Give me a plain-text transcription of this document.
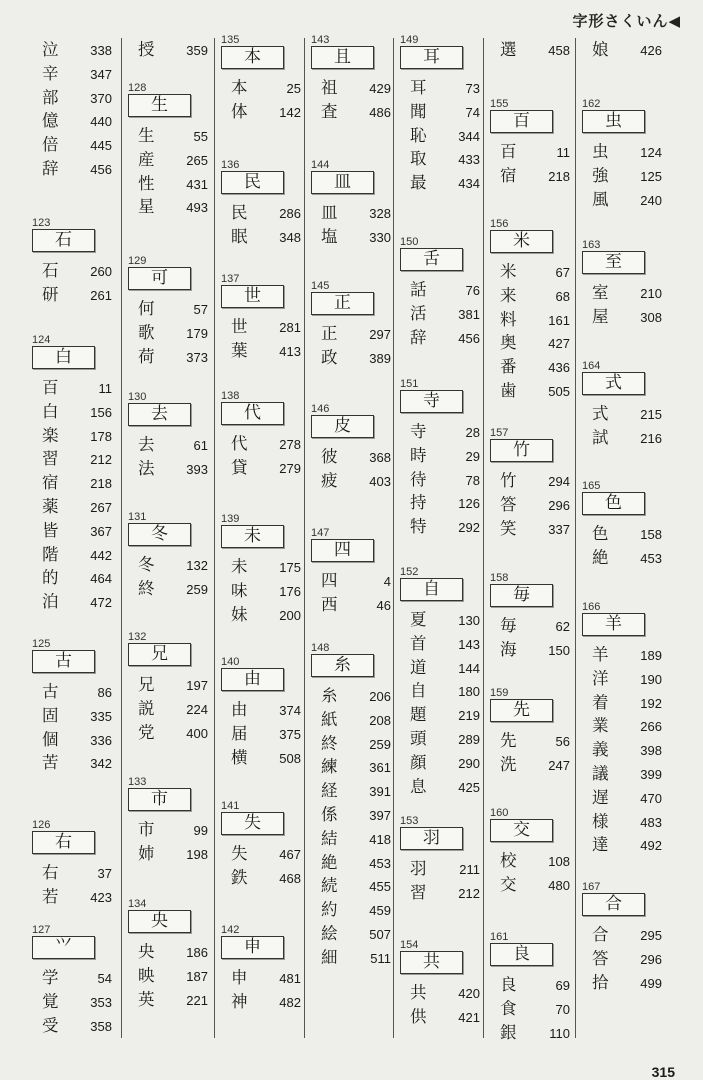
字形さくいん◀
泣	338
辛	347
部	370
億	440
倍	445
辞	456
123
石
石	260
研	261
124
白
百	11
白	156
楽	178
習	212
宿	218
薬	267
皆	367
階	442
的	464
泊	472
125
古
古	86
固	335
個	336
苦	342
126
右
右	37
若	423
127
⺍
学	54
覚	353
受	358
授	359
128
生
生	55
産	265
性	431
星	493
129
可
何	57
歌	179
荷	373
130
去
去	61
法	393
131
冬
冬	132
終	259
132
兄
兄	197
説	224
党	400
133
市
市	99
姉	198
134
央
央	186
映	187
英	221
135
本
本	25
体	142
136
民
民	286
眠	348
137
世
世	281
葉	413
138
代
代	278
貸	279
139
未
未	175
味	176
妹	200
140
由
由	374
届	375
横	508
141
失
失	467
鉄	468
142
申
申	481
神	482
143
且
祖	429
査	486
144
皿
皿	328
塩	330
145
正
正	297
政	389
146
皮
彼	368
疲	403
147
四
四	4
西	46
148
糸
糸	206
紙	208
終	259
練	361
経	391
係	397
結	418
絶	453
続	455
約	459
絵	507
細	511
149
耳
耳	73
聞	74
恥	344
取	433
最	434
150
舌
話	76
活	381
辞	456
151
寺
寺	28
時	29
待	78
持	126
特	292
152
自
夏	130
首	143
道	144
自	180
題	219
頭	289
顔	290
息	425
153
羽
羽	211
習	212
154
共
共	420
供	421
選	458
155
百
百	11
宿	218
156
米
米	67
来	68
料	161
奥	427
番	436
歯	505
157
竹
竹	294
答	296
笑	337
158
毎
毎	62
海	150
159
先
先	56
洗	247
160
交
校	108
交	480
161
良
良	69
食	70
銀	110
娘	426
162
虫
虫	124
強	125
風	240
163
至
室	210
屋	308
164
式
式	215
試	216
165
色
色	158
絶	453
166
羊
羊	189
洋	190
着	192
業	266
義	398
議	399
遅	470
様	483
達	492
167
合
合	295
答	296
拾	499
315
